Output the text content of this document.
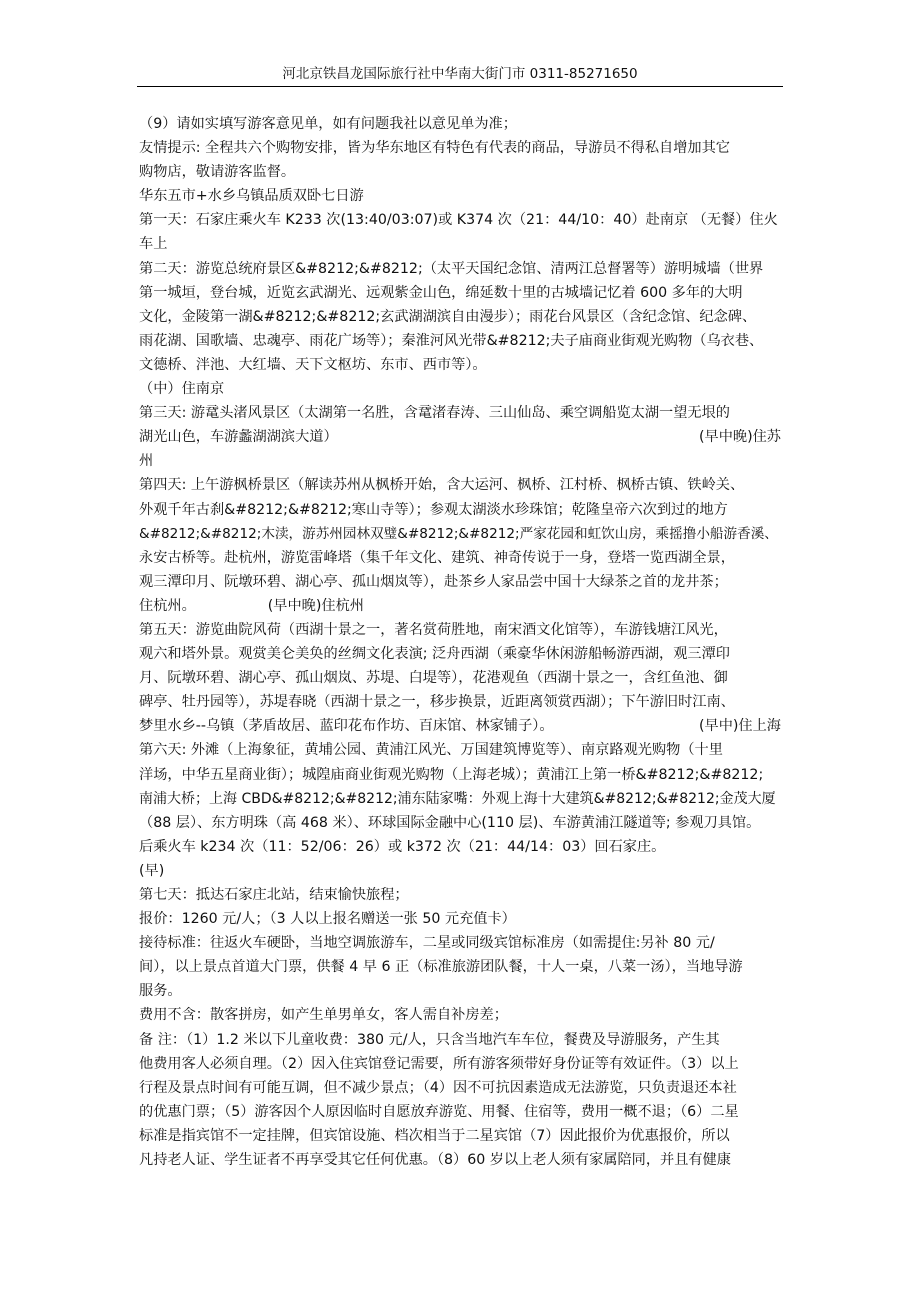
河北京铁昌龙国际旅行社中华南大街门市 0311-85271650

（9）请如实填写游客意见单，如有问题我社以意见单为准；

友情提示: 全程共六个购物安排，皆为华东地区有特色有代表的商品，导游员不得私自增加其它

购物店，敬请游客监督。

华东五市+水乡乌镇品质双卧七日游

第一天：石家庄乘火车 K233 次(13:40/03:07)或 K374 次（21：44/10：40）赴南京 （无餐）住火

车上

第二天：游览总统府景区&#8212;&#8212;（太平天国纪念馆、清两江总督署等）游明城墙（世界

第一城垣，登台城，近览玄武湖光、远观紫金山色，绵延数十里的古城墙记忆着 600 多年的大明

文化，金陵第一湖&#8212;&#8212;玄武湖湖滨自由漫步）；雨花台风景区（含纪念馆、纪念碑、

雨花湖、国歌墙、忠魂亭、雨花广场等）；秦淮河风光带&#8212;夫子庙商业街观光购物（乌衣巷、

文德桥、泮池、大红墙、天下文枢坊、东市、西市等）。

（中）住南京

第三天: 游鼋头渚风景区（太湖第一名胜，含鼋渚春涛、三山仙岛、乘空调船览太湖一望无垠的

湖光山色，车游蠡湖湖滨大道）	(早中晚)住苏

州

第四天: 上午游枫桥景区（解读苏州从枫桥开始，含大运河、枫桥、江村桥、枫桥古镇、铁岭关、

外观千年古刹&#8212;&#8212;寒山寺等）；参观太湖淡水珍珠馆；乾隆皇帝六次到过的地方

&#8212;&#8212;木渎，游苏州园林双璧&#8212;&#8212;严家花园和虹饮山房，乘摇撸小船游香溪、

永安古桥等。赴杭州，游览雷峰塔（集千年文化、建筑、神奇传说于一身，登塔一览西湖全景，

观三潭印月、阮墩环碧、湖心亭、孤山烟岚等），赴茶乡人家品尝中国十大绿茶之首的龙井茶；

住杭州。	(早中晚)住杭州

第五天：游览曲院风荷（西湖十景之一，著名赏荷胜地，南宋酒文化馆等），车游钱塘江风光，

观六和塔外景。观赏美仑美奂的丝绸文化表演; 泛舟西湖（乘豪华休闲游船畅游西湖，观三潭印

月、阮墩环碧、湖心亭、孤山烟岚、苏堤、白堤等），花港观鱼（西湖十景之一，含红鱼池、御

碑亭、牡丹园等），苏堤春晓（西湖十景之一，移步换景，近距离领赏西湖）；下午游旧时江南、

梦里水乡--乌镇（茅盾故居、蓝印花布作坊、百床馆、林家铺子）。	(早中)住上海

第六天: 外滩（上海象征，黄埔公园、黄浦江风光、万国建筑博览等）、南京路观光购物（十里

洋场，中华五星商业街）；城隍庙商业街观光购物（上海老城）；黄浦江上第一桥&#8212;&#8212;

南浦大桥；上海 CBD&#8212;&#8212;浦东陆家嘴：外观上海十大建筑&#8212;&#8212;金茂大厦

（88 层）、东方明珠（高 468 米）、环球国际金融中心(110 层)、车游黄浦江隧道等; 参观刀具馆。

后乘火车 k234 次（11：52/06：26）或 k372 次（21：44/14：03）回石家庄。

(早)

第七天：抵达石家庄北站，结束愉快旅程；

报价：1260 元/人；（3 人以上报名赠送一张 50 元充值卡）

接待标准：往返火车硬卧，当地空调旅游车，二星或同级宾馆标准房（如需提住:另补 80 元/

间），以上景点首道大门票，供餐 4 早 6 正（标准旅游团队餐，十人一桌，八菜一汤），当地导游

服务。

费用不含：散客拼房，如产生单男单女，客人需自补房差；

备 注：（1）1.2 米以下儿童收费：380 元/人，只含当地汽车车位，餐费及导游服务，产生其

他费用客人必须自理。（2）因入住宾馆登记需要，所有游客须带好身份证等有效证件。（3）以上

行程及景点时间有可能互调，但不减少景点；（4）因不可抗因素造成无法游览，只负责退还本社

的优惠门票；（5）游客因个人原因临时自愿放弃游览、用餐、住宿等，费用一概不退；（6）二星

标准是指宾馆不一定挂牌，但宾馆设施、档次相当于二星宾馆（7）因此报价为优惠报价，所以

凡持老人证、学生证者不再享受其它任何优惠。（8）60 岁以上老人须有家属陪同，并且有健康
